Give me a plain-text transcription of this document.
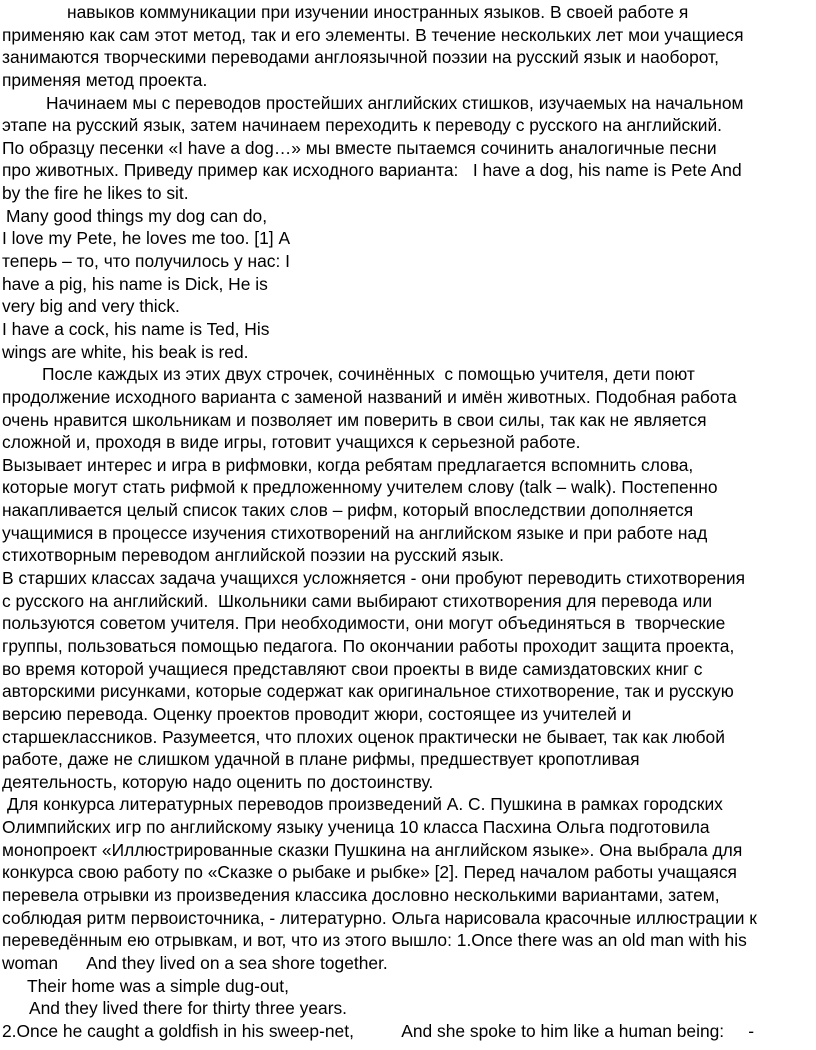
навыков коммуникации при изучении иностранных языков. В своей работе я
применяю как сам этот метод, так и его элементы. В течение нескольких лет мои учащиеся
занимаются творческими переводами англоязычной поэзии на русский язык и наоборот,
применяя метод проекта.
Начинаем мы с переводов простейших английских стишков, изучаемых на начальном
этапе на русский язык, затем начинаем переходить к переводу с русского на английский.
По образцу песенки «I have a dog…» мы вместе пытаемся сочинить аналогичные песни
про животных. Приведу пример как исходного варианта:   I have a dog, his name is Pete And
by the fire he likes to sit.
Many good things my dog can do,
I love my Pete, he loves me too. [1] А
теперь – то, что получилось у нас: I
have a pig, his name is Dick, He is
very big and very thick.
I have a cock, his name is Ted, His
wings are white, his beak is red.
После каждых из этих двух строчек, сочинённых  с помощью учителя, дети поют
продолжение исходного варианта с заменой названий и имён животных. Подобная работа
очень нравится школьникам и позволяет им поверить в свои силы, так как не является
сложной и, проходя в виде игры, готовит учащихся к серьезной работе.
Вызывает интерес и игра в рифмовки, когда ребятам предлагается вспомнить слова,
которые могут стать рифмой к предложенному учителем слову (talk – walk). Постепенно
накапливается целый список таких слов – рифм, который впоследствии дополняется
учащимися в процессе изучения стихотворений на английском языке и при работе над
стихотворным переводом английской поэзии на русский язык.
В старших классах задача учащихся усложняется - они пробуют переводить стихотворения
с русского на английский.  Школьники сами выбирают стихотворения для перевода или
пользуются советом учителя. При необходимости, они могут объединяться в  творческие
группы, пользоваться помощью педагога. По окончании работы проходит защита проекта,
во время которой учащиеся представляют свои проекты в виде самиздатовских книг с
авторскими рисунками, которые содержат как оригинальное стихотворение, так и русскую
версию перевода. Оценку проектов проводит жюри, состоящее из учителей и
старшеклассников. Разумеется, что плохих оценок практически не бывает, так как любой
работе, даже не слишком удачной в плане рифмы, предшествует кропотливая
деятельность, которую надо оценить по достоинству.
Для конкурса литературных переводов произведений А. С. Пушкина в рамках городских
Олимпийских игр по английскому языку ученица 10 класса Пасхина Ольга подготовила
монопроект «Иллюстрированные сказки Пушкина на английском языке». Она выбрала для
конкурса свою работу по «Сказке о рыбаке и рыбке» [2]. Перед началом работы учащаяся
перевела отрывки из произведения классика дословно несколькими вариантами, затем,
соблюдая ритм первоисточника, - литературно. Ольга нарисовала красочные иллюстрации к
переведённым ею отрывкам, и вот, что из этого вышло: 1.Once there was an old man with his
woman      And they lived on a sea shore together.
Their home was a simple dug-out,
And they lived there for thirty three years.
2.Once he caught a goldfish in his sweep-net,          And she spoke to him like a human being:     -
